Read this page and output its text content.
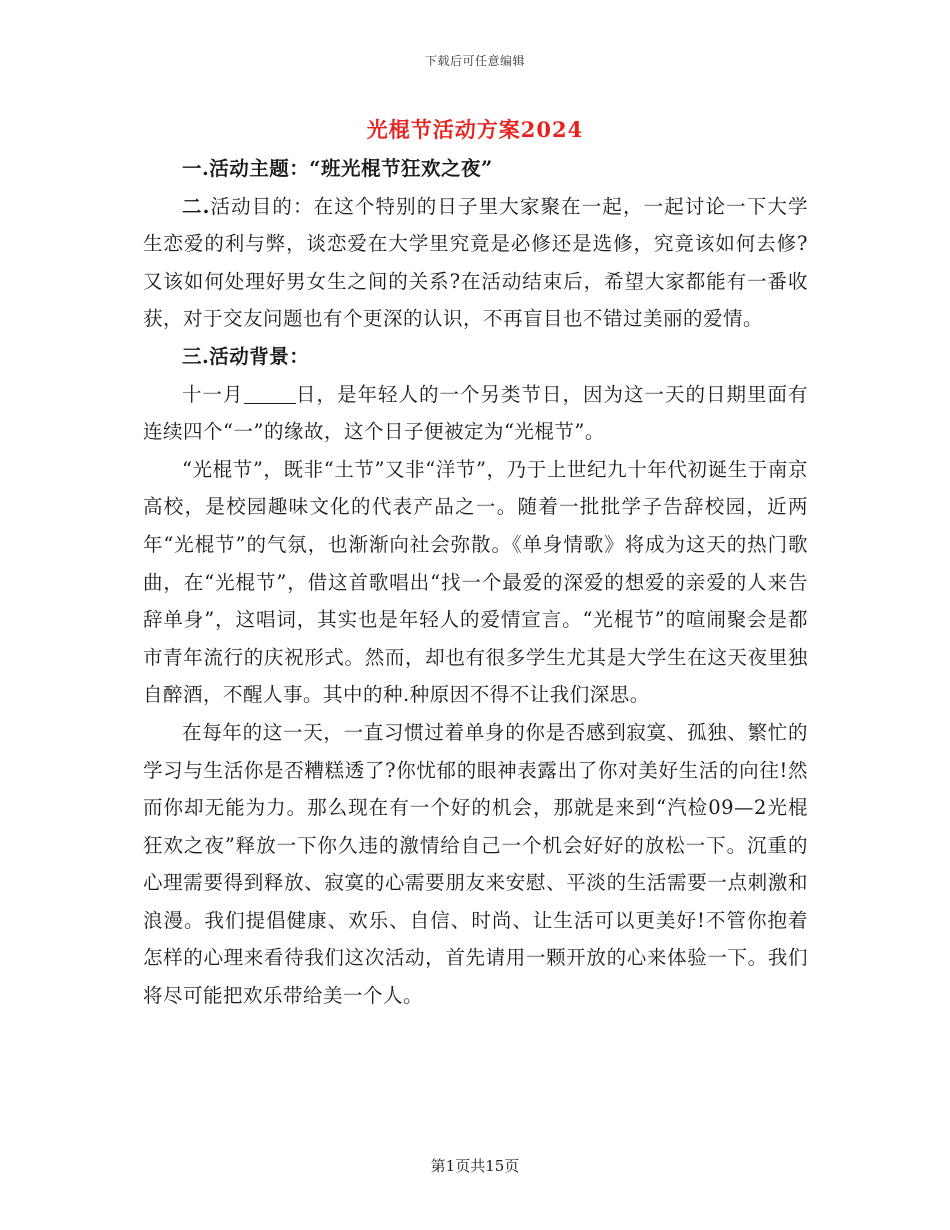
下载后可任意编辑
光棍节活动方案2024

一.活动主题：“班光棍节狂欢之夜”

二.活动目的：在这个特别的日子里大家聚在一起，一起讨论一下大学生恋爱的利与弊，谈恋爱在大学里究竟是必修还是选修，究竟该如何去修?又该如何处理好男女生之间的关系?在活动结束后，希望大家都能有一番收获，对于交友问题也有个更深的认识，不再盲目也不错过美丽的爱情。

三.活动背景：

十一月	日，是年轻人的一个另类节日，因为这一天的日期里面有连续四个“一”的缘故，这个日子便被定为“光棍节”。

“光棍节”，既非“土节”又非“洋节”，乃于上世纪九十年代初诞生于南京高校，是校园趣味文化的代表产品之一。随着一批批学子告辞校园，近两年“光棍节”的气氛，也渐渐向社会弥散。《单身情歌》将成为这天的热门歌曲，在“光棍节”，借这首歌唱出“找一个最爱的深爱的想爱的亲爱的人来告辞单身”，这唱词，其实也是年轻人的爱情宣言。“光棍节”的喧闹聚会是都市青年流行的庆祝形式。然而，却也有很多学生尤其是大学生在这天夜里独自醉酒，不醒人事。其中的种.种原因不得不让我们深思。

在每年的这一天，一直习惯过着单身的你是否感到寂寞、孤独、繁忙的学习与生活你是否糟糕透了?你忧郁的眼神表露出了你对美好生活的向往!然而你却无能为力。那么现在有一个好的机会，那就是来到“汽检09—2光棍狂欢之夜”释放一下你久违的激情给自己一个机会好好的放松一下。沉重的心理需要得到释放、寂寞的心需要朋友来安慰、平淡的生活需要一点刺激和浪漫。我们提倡健康、欢乐、自信、时尚、让生活可以更美好!不管你抱着怎样的心理来看待我们这次活动，首先请用一颗开放的心来体验一下。我们将尽可能把欢乐带给美一个人。

第1页共15页
